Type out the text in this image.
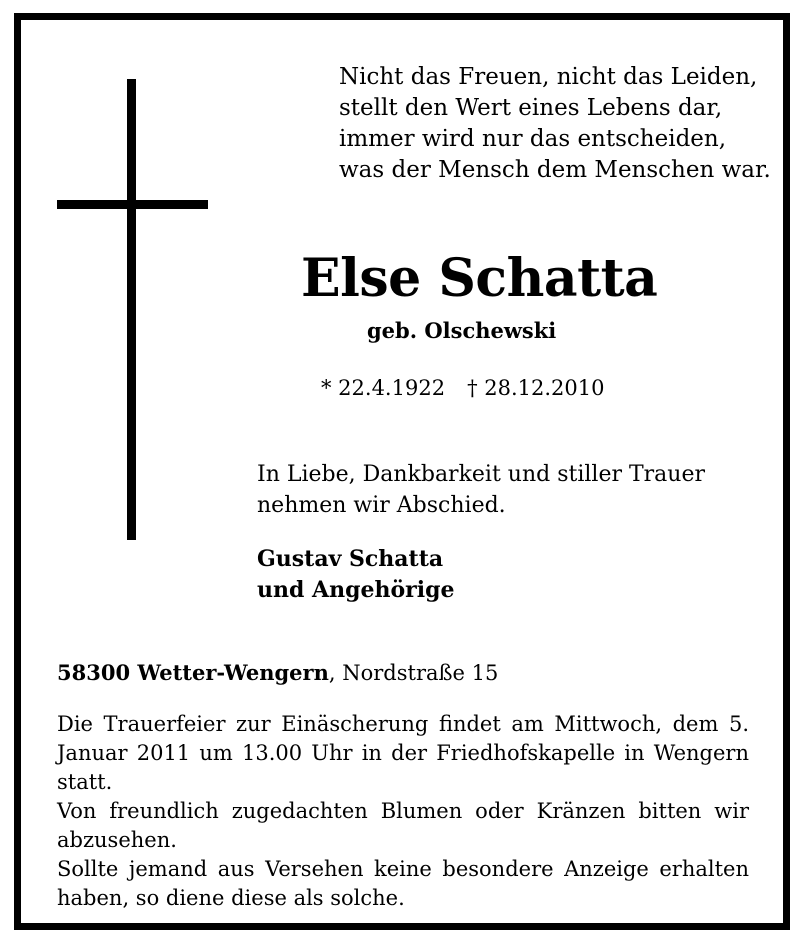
Nicht das Freuen, nicht das Leiden,
stellt den Wert eines Lebens dar,
immer wird nur das entscheiden,
was der Mensch dem Menschen war.
Else Schatta
geb. Olschewski
* 22.4.1922 † 28.12.2010
In Liebe, Dankbarkeit und stiller Trauer
nehmen wir Abschied.
Gustav Schatta
und Angehörige
58300 Wetter-Wengern, Nordstraße 15

Die Trauerfeier zur Einäscherung findet am Mittwoch, dem 5. Januar 2011 um 13.00 Uhr in der Friedhofskapelle in Wengern statt.

Von freundlich zugedachten Blumen oder Kränzen bitten wir abzusehen.

Sollte jemand aus Versehen keine besondere Anzeige erhalten haben, so diene diese als solche.
